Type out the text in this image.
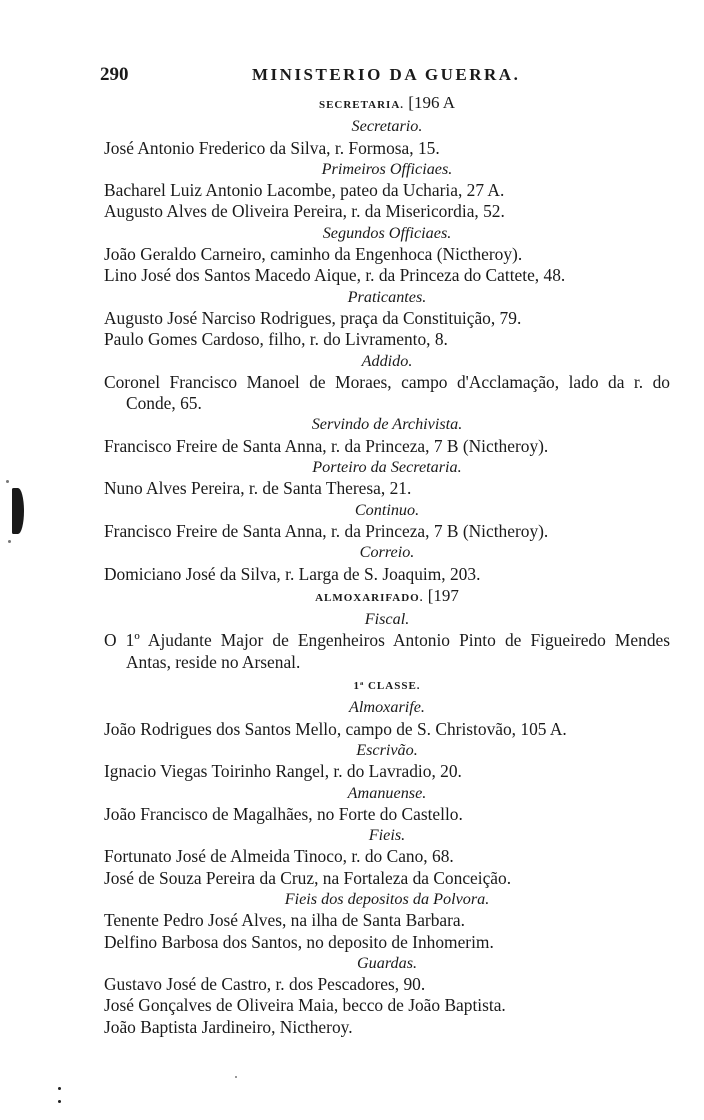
290	MINISTERIO DA GUERRA.
SECRETARIA. [196 A
Secretario.
José Antonio Frederico da Silva, r. Formosa, 15.
Primeiros Officiaes.
Bacharel Luiz Antonio Lacombe, pateo da Ucharia, 27 A.
Augusto Alves de Oliveira Pereira, r. da Misericordia, 52.
Segundos Officiaes.
João Geraldo Carneiro, caminho da Engenhoca (Nictheroy).
Lino José dos Santos Macedo Aique, r. da Princeza do Cattete, 48.
Praticantes.
Augusto José Narciso Rodrigues, praça da Constituição, 79.
Paulo Gomes Cardoso, filho, r. do Livramento, 8.
Addido.
Coronel Francisco Manoel de Moraes, campo d'Acclamação, lado da r. do Conde, 65.
Servindo de Archivista.
Francisco Freire de Santa Anna, r. da Princeza, 7 B (Nictheroy).
Porteiro da Secretaria.
Nuno Alves Pereira, r. de Santa Theresa, 21.
Continuo.
Francisco Freire de Santa Anna, r. da Princeza, 7 B (Nictheroy).
Correio.
Domiciano José da Silva, r. Larga de S. Joaquim, 203.
ALMOXARIFADO. [197
Fiscal.
O 1º Ajudante Major de Engenheiros Antonio Pinto de Figueiredo Mendes Antas, reside no Arsenal.
1ª CLASSE.
Almoxarife.
João Rodrigues dos Santos Mello, campo de S. Christovão, 105 A.
Escrivão.
Ignacio Viegas Toirinho Rangel, r. do Lavradio, 20.
Amanuense.
João Francisco de Magalhães, no Forte do Castello.
Fieis.
Fortunato José de Almeida Tinoco, r. do Cano, 68.
José de Souza Pereira da Cruz, na Fortaleza da Conceição.
Fieis dos depositos da Polvora.
Tenente Pedro José Alves, na ilha de Santa Barbara.
Delfino Barbosa dos Santos, no deposito de Inhomerim.
Guardas.
Gustavo José de Castro, r. dos Pescadores, 90.
José Gonçalves de Oliveira Maia, becco de João Baptista.
João Baptista Jardineiro, Nictheroy.
